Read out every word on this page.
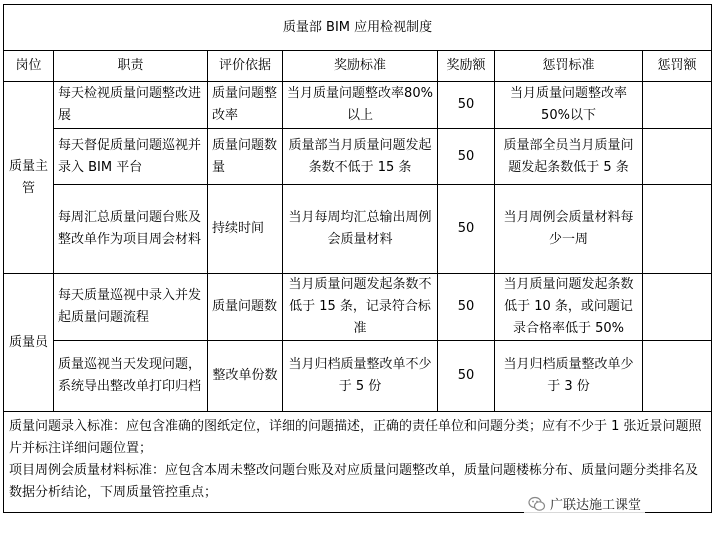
质量部 BIM 应用检视制度						
岗位	职责	评价依据	奖励标准	奖励额	惩罚标准	惩罚额
质量主管	每天检视质量问题整改进展	质量问题整改率	当月质量问题整改率80%以上	50	当月质量问题整改率50%以下	
	每天督促质量问题巡视并录入 BIM 平台	质量问题数量	质量部当月质量问题发起条数不低于 15 条	50	质量部全员当月质量问题发起条数低于 5 条	
	每周汇总质量问题台账及整改单作为项目周会材料	持续时间	当月每周均汇总输出周例会质量材料	50	当月周例会质量材料每少一周	
质量员	每天质量巡视中录入并发起质量问题流程	质量问题数	当月质量问题发起条数不低于 15 条，记录符合标准	50	当月质量问题发起条数低于 10 条，或问题记录合格率低于 50%	
	质量巡视当天发现问题，系统导出整改单打印归档	整改单份数	当月归档质量整改单不少于 5 份	50	当月归档质量整改单少于 3 份	

质量问题录入标准：应包含准确的图纸定位，详细的问题描述，正确的责任单位和问题分类；应有不少于 1 张近景问题照片并标注详细问题位置；
项目周例会质量材料标准：应包含本周未整改问题台账及对应质量问题整改单，质量问题楼栋分布、质量问题分类排名及数据分析结论，下周质量管控重点；						
广联达施工课堂
